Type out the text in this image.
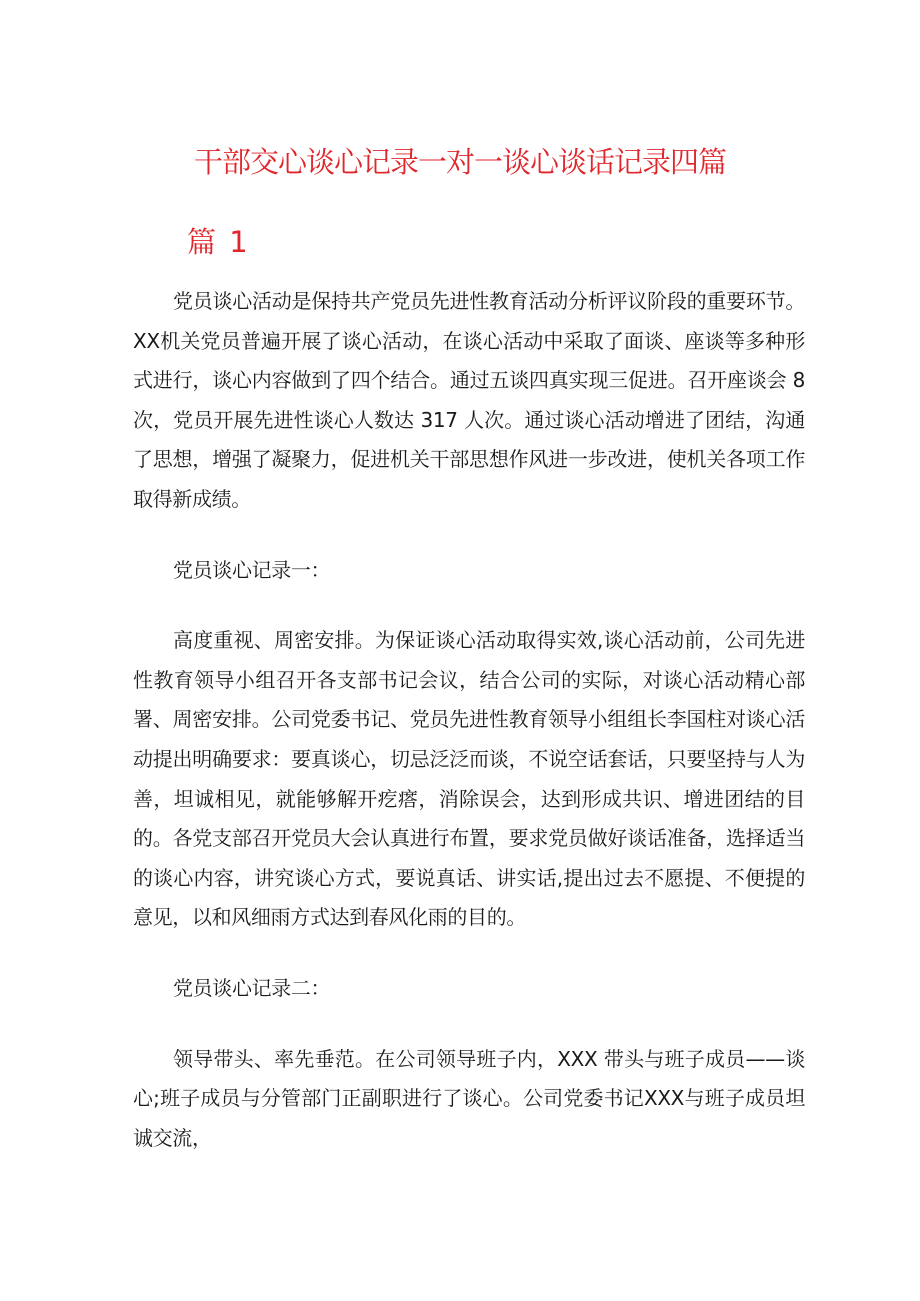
干部交心谈心记录一对一谈心谈话记录四篇
篇 1

党员谈心活动是保持共产党员先进性教育活动分析评议阶段的重要环节。XX机关党员普遍开展了谈心活动，在谈心活动中采取了面谈、座谈等多种形式进行，谈心内容做到了四个结合。通过五谈四真实现三促进。召开座谈会 8 次，党员开展先进性谈心人数达 317 人次。通过谈心活动增进了团结，沟通了思想，增强了凝聚力，促进机关干部思想作风进一步改进，使机关各项工作取得新成绩。

党员谈心记录一：

高度重视、周密安排。为保证谈心活动取得实效,谈心活动前，公司先进性教育领导小组召开各支部书记会议，结合公司的实际，对谈心活动精心部署、周密安排。公司党委书记、党员先进性教育领导小组组长李国柱对谈心活动提出明确要求：要真谈心，切忌泛泛而谈，不说空话套话，只要坚持与人为善，坦诚相见，就能够解开疙瘩，消除误会，达到形成共识、增进团结的目的。各党支部召开党员大会认真进行布置，要求党员做好谈话准备，选择适当的谈心内容，讲究谈心方式，要说真话、讲实话,提出过去不愿提、不便提的意见，以和风细雨方式达到春风化雨的目的。

党员谈心记录二：

领导带头、率先垂范。在公司领导班子内，XXX 带头与班子成员——谈心;班子成员与分管部门正副职进行了谈心。公司党委书记XXX与班子成员坦诚交流，
